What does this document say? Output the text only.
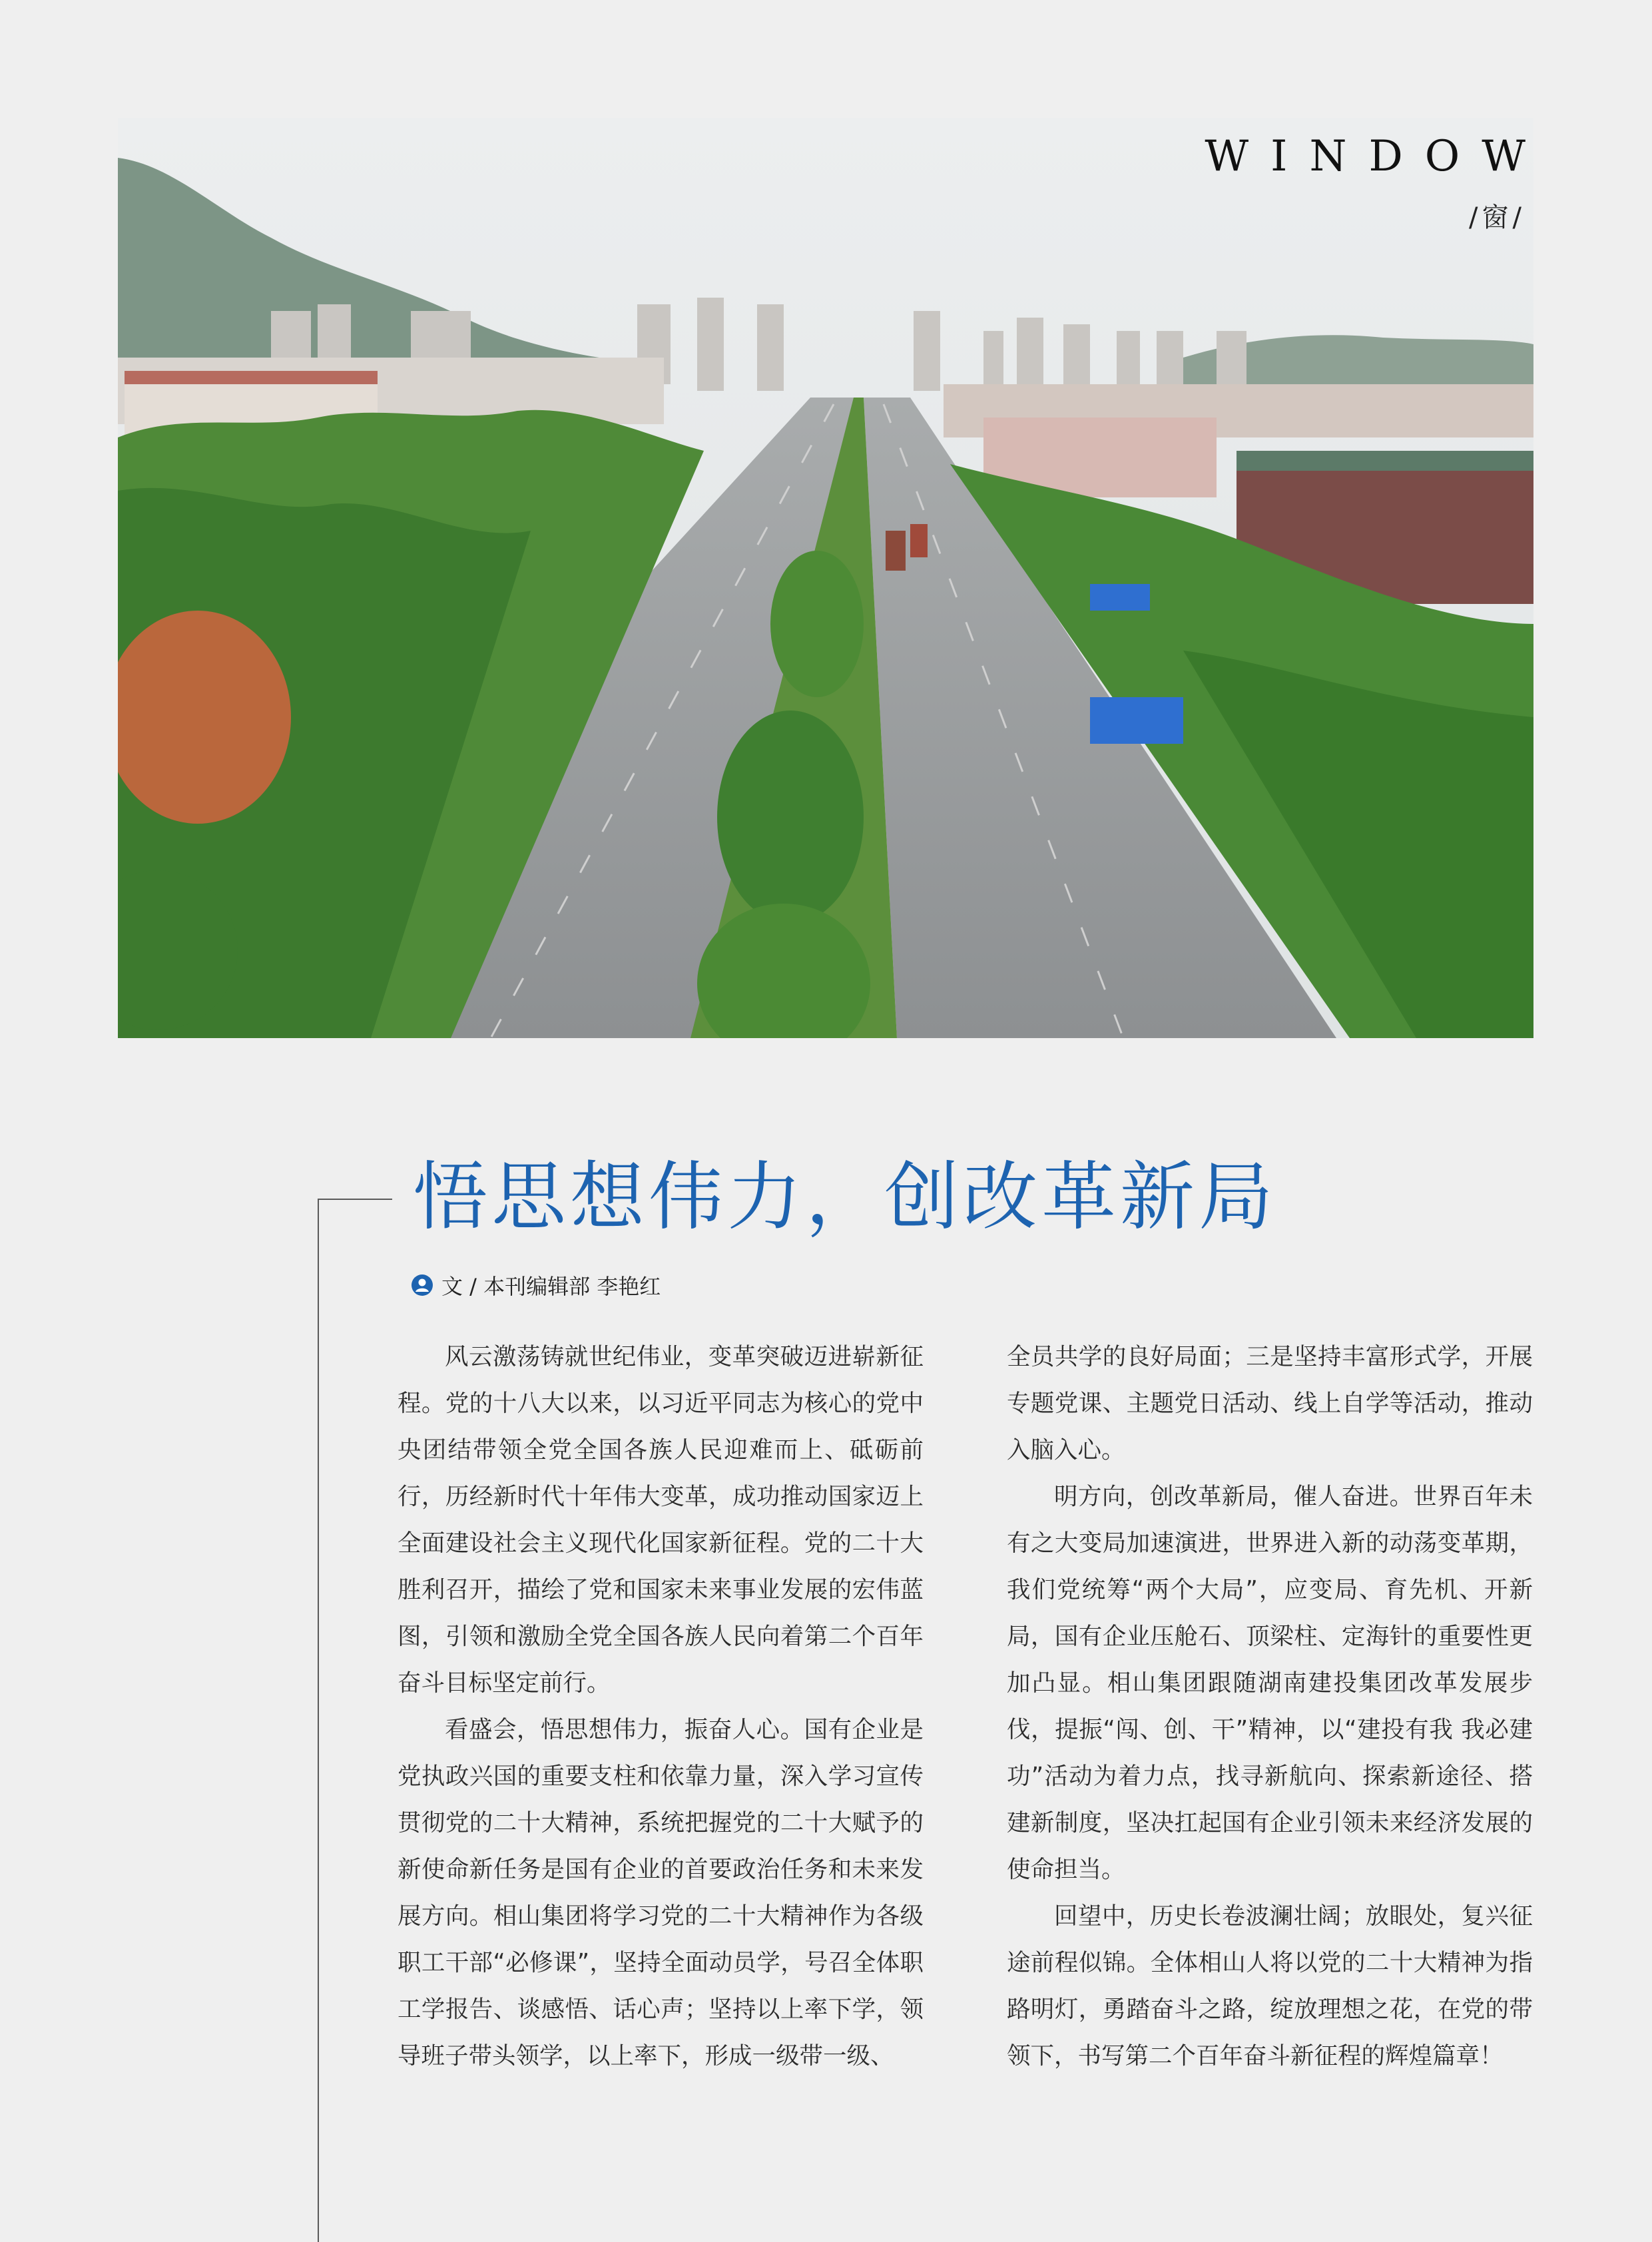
WINDOW
/窗/
悟思想伟力，创改革新局
文 / 本刊编辑部 李艳红

风云激荡铸就世纪伟业，变革突破迈进崭新征程。党的十八大以来，以习近平同志为核心的党中央团结带领全党全国各族人民迎难而上、砥砺前行，历经新时代十年伟大变革，成功推动国家迈上全面建设社会主义现代化国家新征程。党的二十大胜利召开，描绘了党和国家未来事业发展的宏伟蓝图，引领和激励全党全国各族人民向着第二个百年奋斗目标坚定前行。

看盛会，悟思想伟力，振奋人心。国有企业是党执政兴国的重要支柱和依靠力量，深入学习宣传贯彻党的二十大精神，系统把握党的二十大赋予的新使命新任务是国有企业的首要政治任务和未来发展方向。相山集团将学习党的二十大精神作为各级职工干部“必修课”，坚持全面动员学，号召全体职工学报告、谈感悟、话心声；坚持以上率下学，领导班子带头领学，以上率下，形成一级带一级、

全员共学的良好局面；三是坚持丰富形式学，开展专题党课、主题党日活动、线上自学等活动，推动入脑入心。

明方向，创改革新局，催人奋进。世界百年未有之大变局加速演进，世界进入新的动荡变革期，我们党统筹“两个大局”，应变局、育先机、开新局，国有企业压舱石、顶梁柱、定海针的重要性更加凸显。相山集团跟随湖南建投集团改革发展步伐，提振“闯、创、干”精神，以“建投有我 我必建功”活动为着力点，找寻新航向、探索新途径、搭建新制度，坚决扛起国有企业引领未来经济发展的使命担当。

回望中，历史长卷波澜壮阔；放眼处，复兴征途前程似锦。全体相山人将以党的二十大精神为指路明灯，勇踏奋斗之路，绽放理想之花，在党的带领下，书写第二个百年奋斗新征程的辉煌篇章！
